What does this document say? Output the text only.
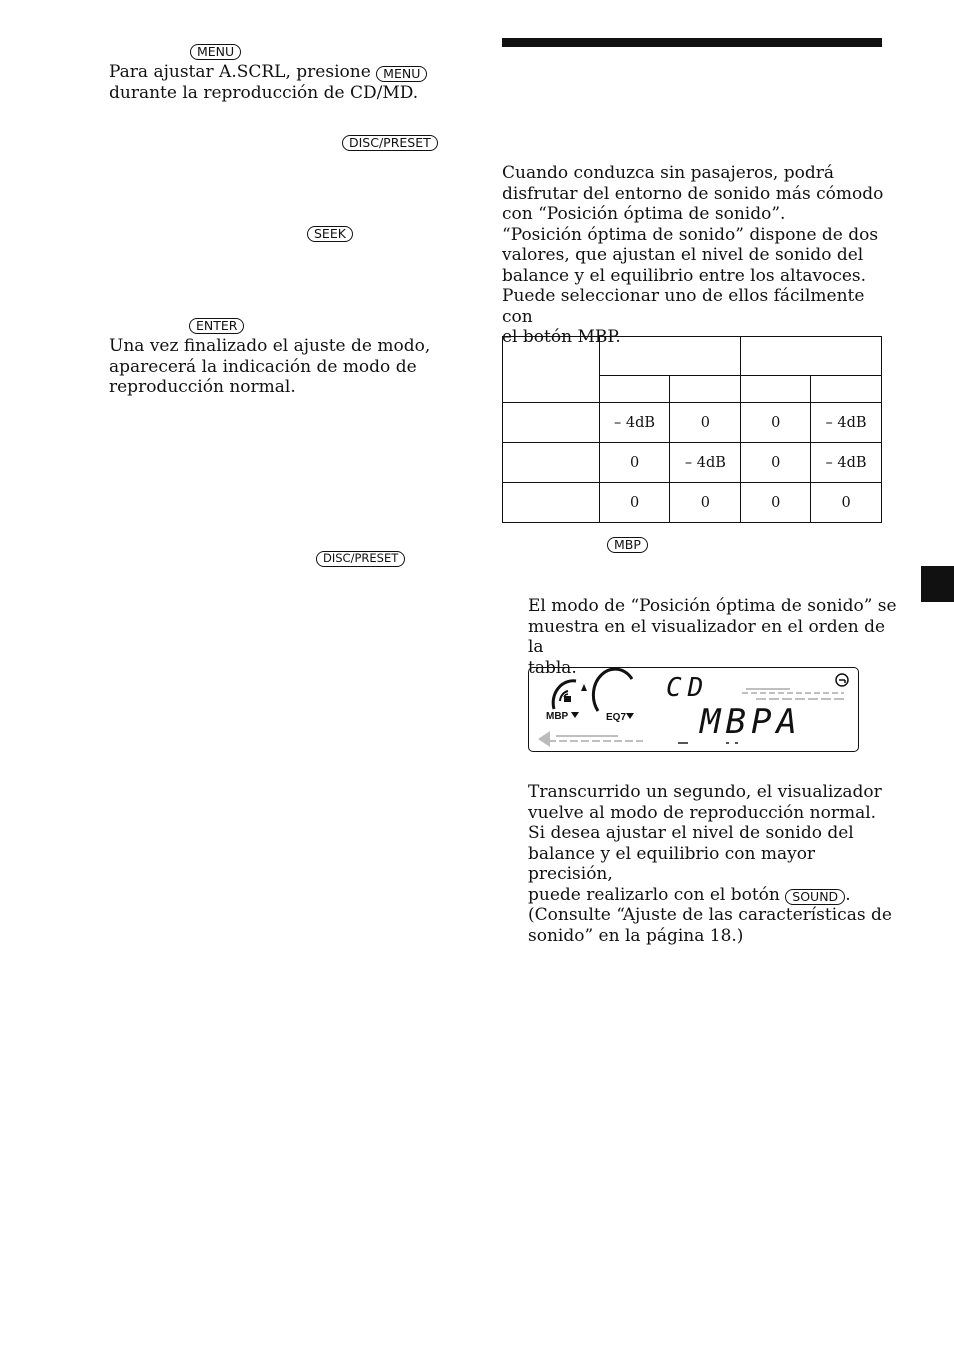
MENU
Para ajustar A.SCRL, presione MENU
durante la reproducción de CD/MD.
DISC/PRESET
SEEK
ENTER
Una vez finalizado el ajuste de modo,
aparecerá la indicación de modo de
reproducción normal.
DISC/PRESET
Cuando conduzca sin pasajeros, podrá
disfrutar del entorno de sonido más cómodo
con “Posición óptima de sonido”.
“Posición óptima de sonido” dispone de dos
valores, que ajustan el nivel de sonido del
balance y el equilibrio entre los altavoces.
Puede seleccionar uno de ellos fácilmente con
el botón MBP.

	– 4dB	0	0	– 4dB
	0	– 4dB	0	– 4dB
	0	0	0	0
MBP
El modo de “Posición óptima de sonido” se
muestra en el visualizador en el orden de la
tabla.
MBP	EQ7
CD
MBPA
Transcurrido un segundo, el visualizador
vuelve al modo de reproducción normal.
Si desea ajustar el nivel de sonido del
balance y el equilibrio con mayor precisión,
puede realizarlo con el botón SOUND .
(Consulte “Ajuste de las características de
sonido” en la página 18.)
